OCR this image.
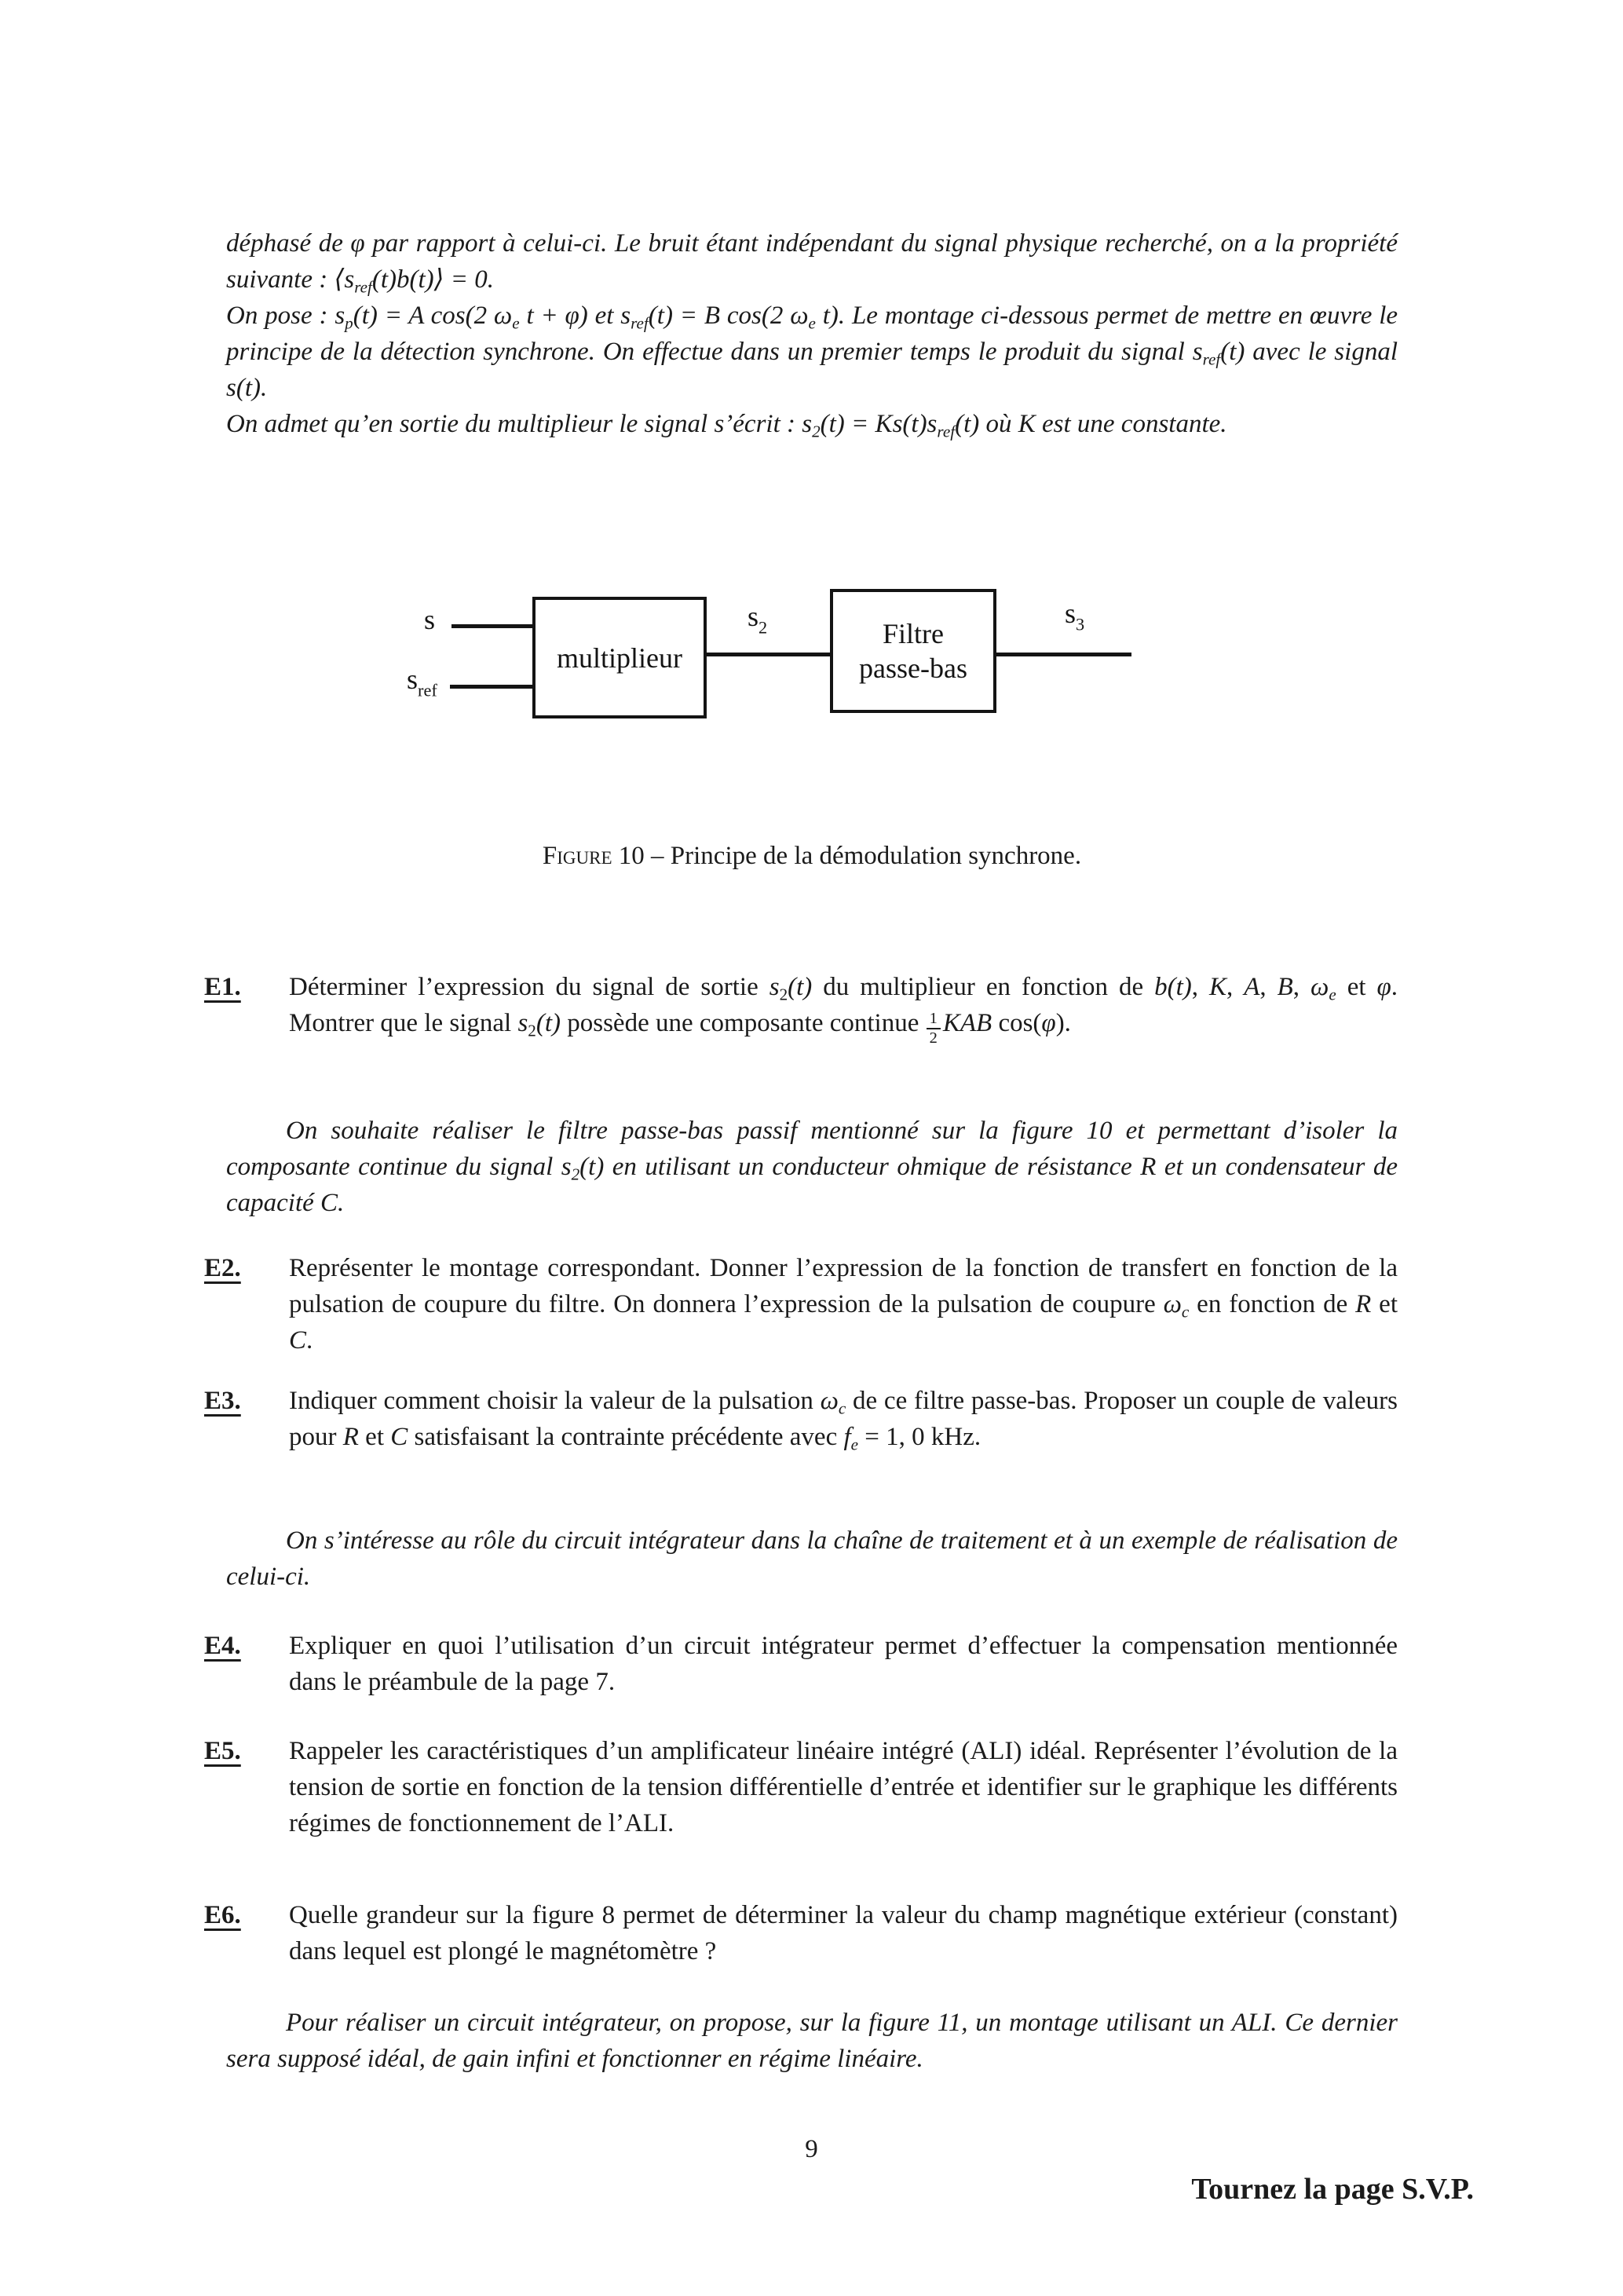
déphasé de φ par rapport à celui-ci. Le bruit étant indépendant du signal physique recherché, on a la propriété suivante : ⟨sref(t)b(t)⟩ = 0.

On pose : sp(t) = A cos(2 ωe t + φ) et sref(t) = B cos(2 ωe t). Le montage ci-dessous permet de mettre en œuvre le principe de la détection synchrone. On effectue dans un premier temps le produit du signal sref(t) avec le signal s(t).

On admet qu’en sortie du multiplieur le signal s’écrit : s2(t) = Ks(t)sref(t) où K est une constante.

s
$s_{ref}$
multiplieur
$s_2$	Filtre
passe-bas
$s_3$

Figure 10 – Principe de la démodulation synchrone.

E1. Déterminer l’expression du signal de sortie s2(t) du multiplieur en fonction de b(t), K, A, B, ωe et φ. Montrer que le signal s2(t) possède une composante continue $\frac{1}{2}$ KAB cos(φ).

On souhaite réaliser le filtre passe-bas passif mentionné sur la figure 10 et permettant d’isoler la composante continue du signal s2(t) en utilisant un conducteur ohmique de résistance R et un condensateur de capacité C.

E2. Représenter le montage correspondant. Donner l’expression de la fonction de transfert en fonction de la pulsation de coupure du filtre. On donnera l’expression de la pulsation de coupure ωc en fonction de R et C.

E3. Indiquer comment choisir la valeur de la pulsation ωc de ce filtre passe-bas. Proposer un couple de valeurs pour R et C satisfaisant la contrainte précédente avec fe = 1, 0 kHz.

On s’intéresse au rôle du circuit intégrateur dans la chaîne de traitement et à un exemple de réalisation de celui-ci.

E4. Expliquer en quoi l’utilisation d’un circuit intégrateur permet d’effectuer la compensation mentionnée dans le préambule de la page 7.

E5. Rappeler les caractéristiques d’un amplificateur linéaire intégré (ALI) idéal. Représenter l’évolution de la tension de sortie en fonction de la tension différentielle d’entrée et identifier sur le graphique les différents régimes de fonctionnement de l’ALI.

E6. Quelle grandeur sur la figure 8 permet de déterminer la valeur du champ magnétique extérieur (constant) dans lequel est plongé le magnétomètre ?

Pour réaliser un circuit intégrateur, on propose, sur la figure 11, un montage utilisant un ALI. Ce dernier sera supposé idéal, de gain infini et fonctionner en régime linéaire.

9

Tournez la page S.V.P.
